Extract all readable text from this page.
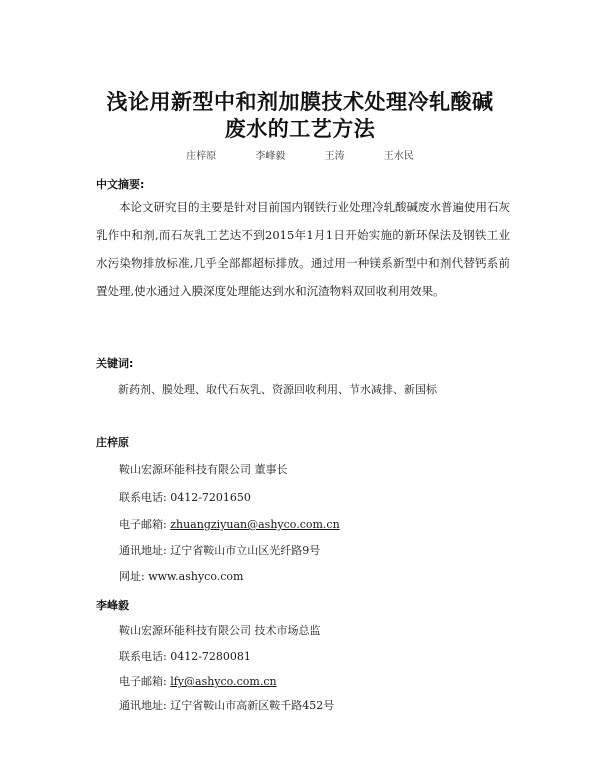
浅论用新型中和剂加膜技术处理冷轧酸碱
废水的工艺方法
庄梓原	李峰毅	王涛	王水民
中文摘要:

本论文研究目的主要是针对目前国内钢铁行业处理冷轧酸碱废水普遍使用石灰乳作中和剂,而石灰乳工艺达不到2015年1月1日开始实施的新环保法及钢铁工业水污染物排放标准,几乎全部都超标排放。通过用一种镁系新型中和剂代替钙系前置处理,使水通过入膜深度处理能达到水和沉渣物料双回收利用效果。

关键词:
新药剂、膜处理、取代石灰乳、资源回收利用、节水减排、新国标
庄梓原
鞍山宏源环能科技有限公司 董事长
联系电话: 0412-7201650
电子邮箱: zhuangziyuan@ashyco.com.cn
通讯地址: 辽宁省鞍山市立山区光纤路9号
网址: www.ashyco.com
李峰毅
鞍山宏源环能科技有限公司 技术市场总监
联系电话: 0412-7280081
电子邮箱: lfy@ashyco.com.cn
通讯地址: 辽宁省鞍山市高新区鞍千路452号
